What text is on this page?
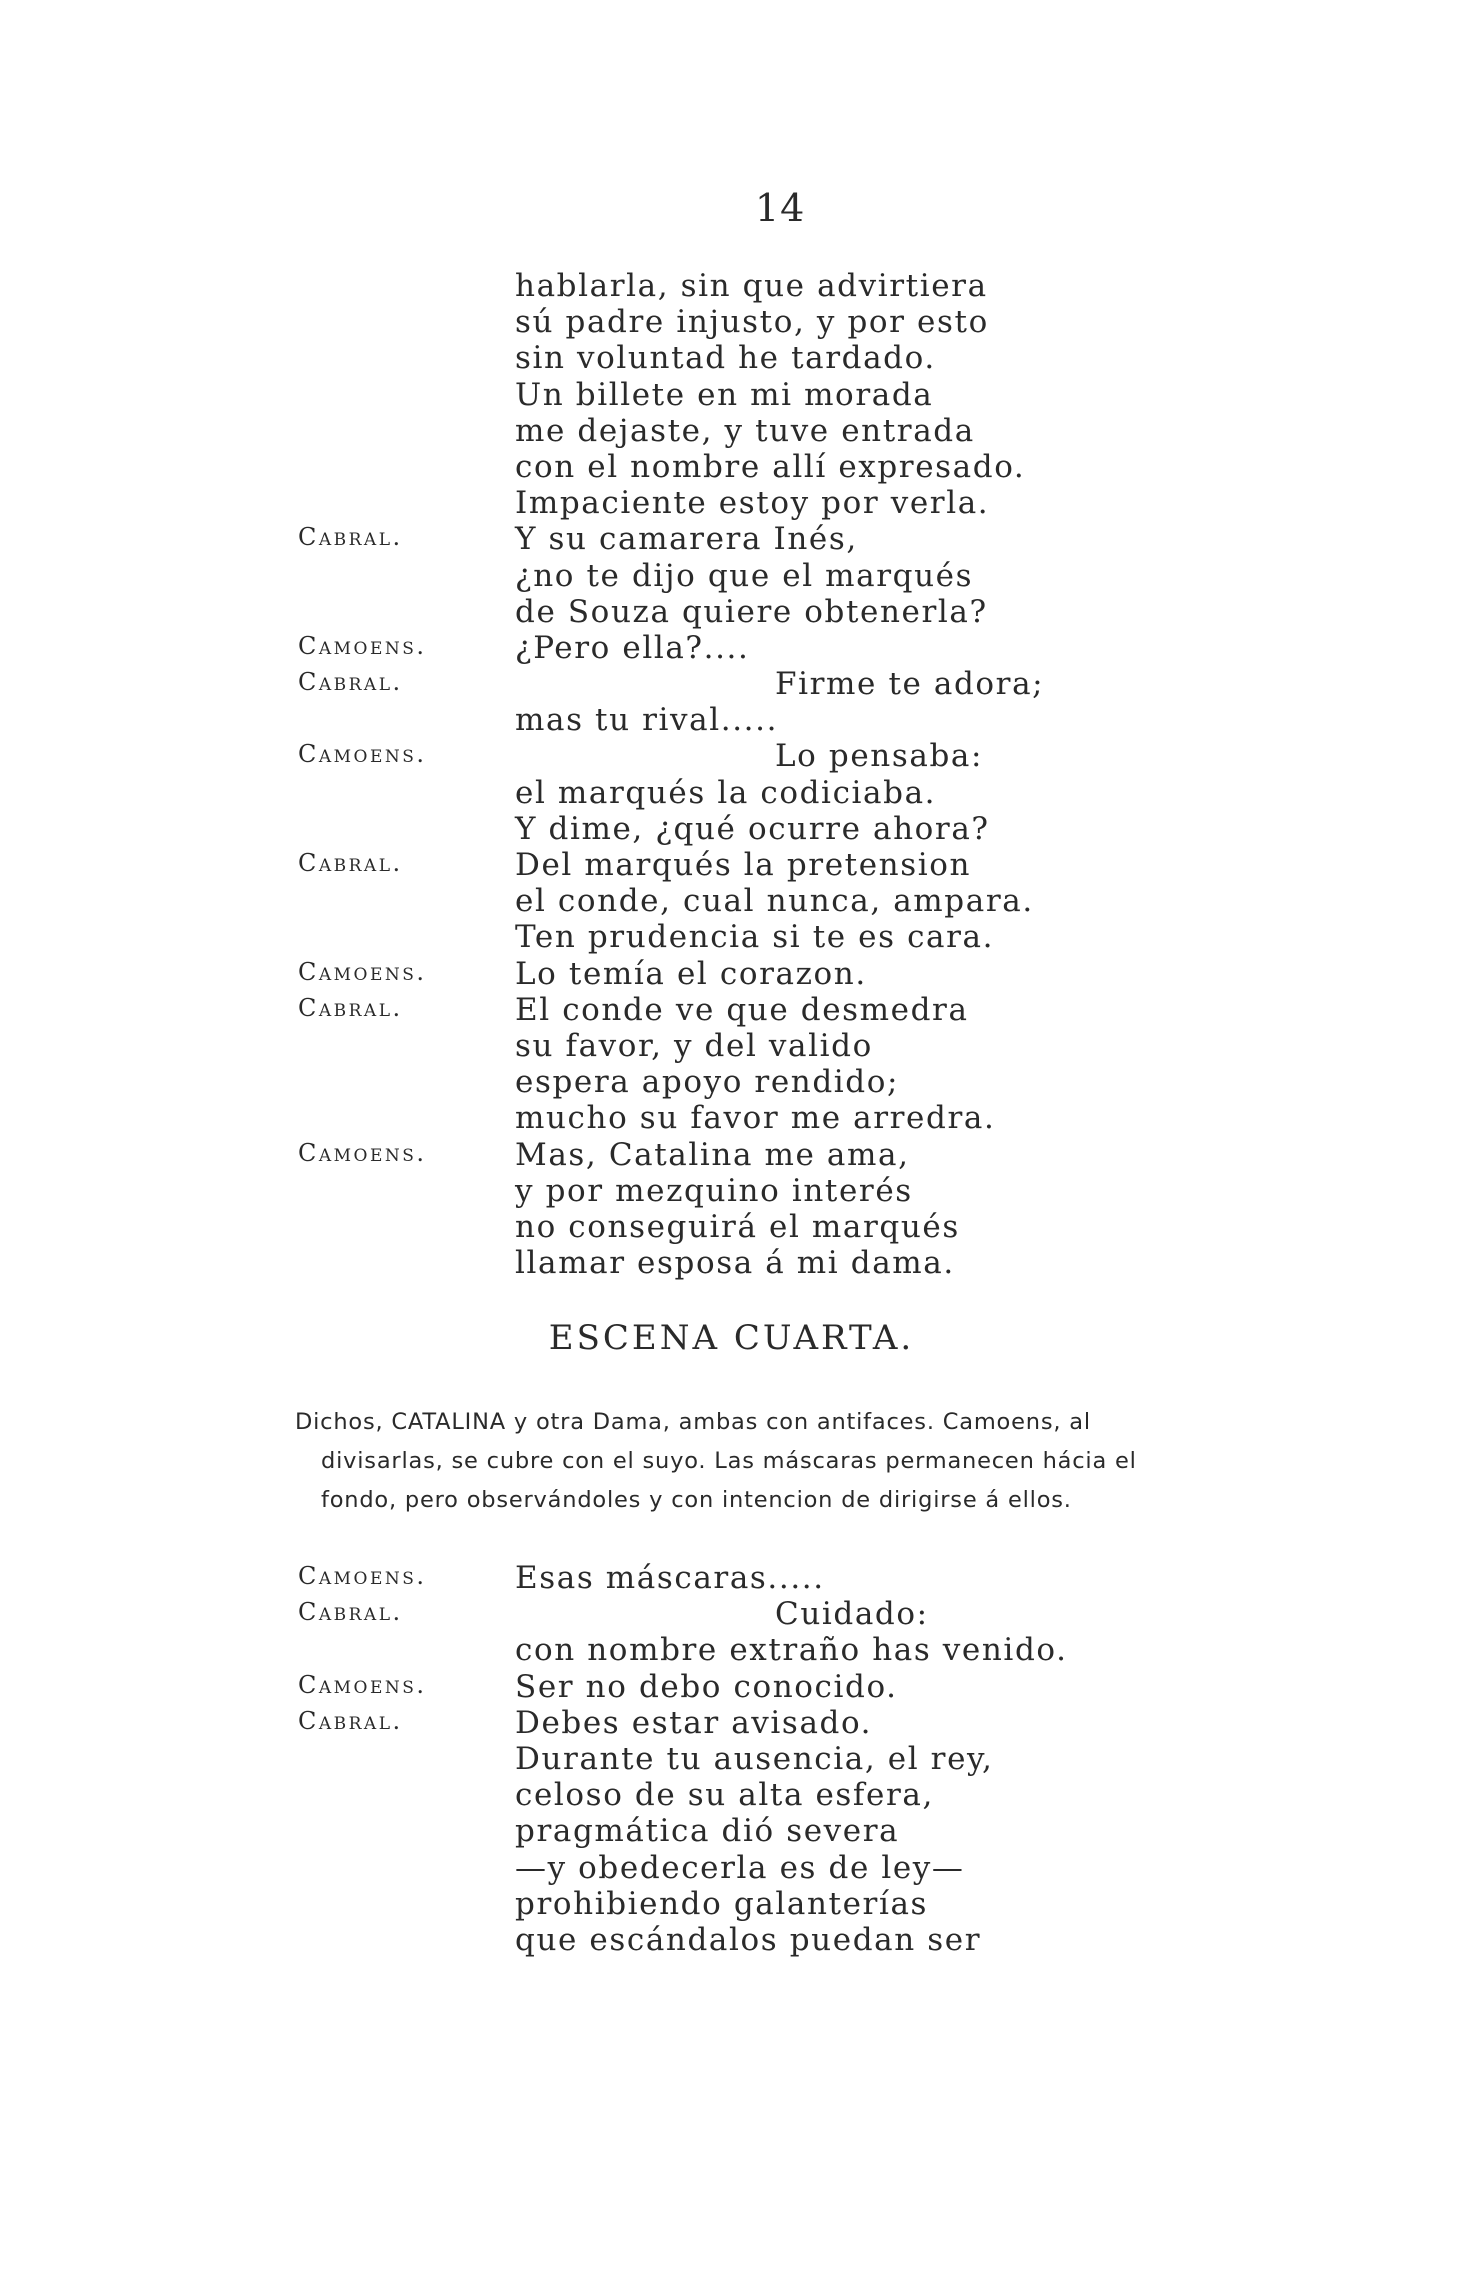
14
hablarla, sin que advirtiera
sú padre injusto, y por esto
sin voluntad he tardado.
Un billete en mi morada
me dejaste, y tuve entrada
con el nombre allí expresado.
Impaciente estoy por verla.
Cabral.	Y su camarera Inés,
¿no te dijo que el marqués
de Souza quiere obtenerla?
Camoens.	¿Pero ella?....
Cabral.	Firme te adora;
mas tu rival.....
Camoens.	Lo pensaba:
el marqués la codiciaba.
Y dime, ¿qué ocurre ahora?
Cabral.	Del marqués la pretension
el conde, cual nunca, ampara.
Ten prudencia si te es cara.
Camoens.	Lo temía el corazon.
Cabral.	El conde ve que desmedra
su favor, y del valido
espera apoyo rendido;
mucho su favor me arredra.
Camoens.	Mas, Catalina me ama,
y por mezquino interés
no conseguirá el marqués
llamar esposa á mi dama.
ESCENA CUARTA.
Dichos, CATALINA y otra Dama, ambas con antifaces. Camoens, al
divisarlas, se cubre con el suyo. Las máscaras permanecen hácia el
fondo, pero observándoles y con intencion de dirigirse á ellos.
Camoens.	Esas máscaras.....
Cabral.	Cuidado:
con nombre extraño has venido.
Camoens.	Ser no debo conocido.
Cabral.	Debes estar avisado.
Durante tu ausencia, el rey,
celoso de su alta esfera,
pragmática dió severa
—y obedecerla es de ley—
prohibiendo galanterías
que escándalos puedan ser
